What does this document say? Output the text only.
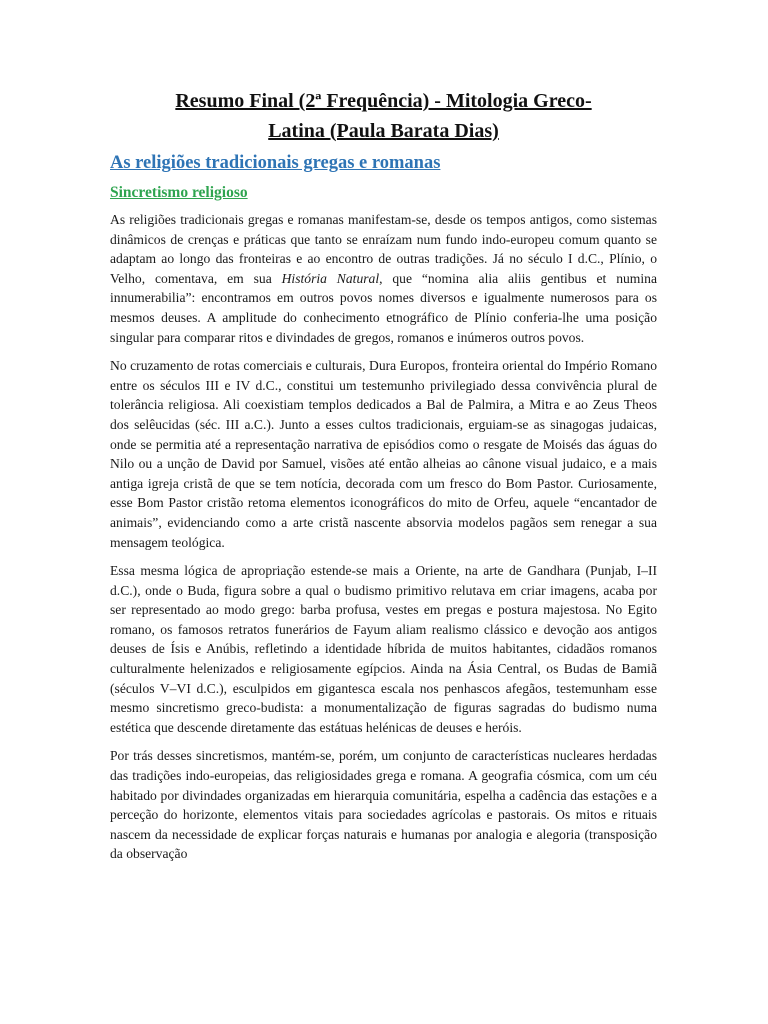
Resumo Final (2ª Frequência) - Mitologia Greco-
Latina (Paula Barata Dias)
As religiões tradicionais gregas e romanas
Sincretismo religioso

As religiões tradicionais gregas e romanas manifestam-se, desde os tempos antigos, como sistemas dinâmicos de crenças e práticas que tanto se enraízam num fundo indo-europeu comum quanto se adaptam ao longo das fronteiras e ao encontro de outras tradições. Já no século I d.C., Plínio, o Velho, comentava, em sua História Natural, que “nomina alia aliis gentibus et numina innumerabilia”: encontramos em outros povos nomes diversos e igualmente numerosos para os mesmos deuses. A amplitude do conhecimento etnográfico de Plínio conferia-lhe uma posição singular para comparar ritos e divindades de gregos, romanos e inúmeros outros povos.

No cruzamento de rotas comerciais e culturais, Dura Europos, fronteira oriental do Império Romano entre os séculos III e IV d.C., constitui um testemunho privilegiado dessa convivência plural de tolerância religiosa. Ali coexistiam templos dedicados a Bal de Palmira, a Mitra e ao Zeus Theos dos selêucidas (séc. III a.C.). Junto a esses cultos tradicionais, erguiam-se as sinagogas judaicas, onde se permitia até a representação narrativa de episódios como o resgate de Moisés das águas do Nilo ou a unção de David por Samuel, visões até então alheias ao cânone visual judaico, e a mais antiga igreja cristã de que se tem notícia, decorada com um fresco do Bom Pastor. Curiosamente, esse Bom Pastor cristão retoma elementos iconográficos do mito de Orfeu, aquele “encantador de animais”, evidenciando como a arte cristã nascente absorvia modelos pagãos sem renegar a sua mensagem teológica.

Essa mesma lógica de apropriação estende-se mais a Oriente, na arte de Gandhara (Punjab, I–II d.C.), onde o Buda, figura sobre a qual o budismo primitivo relutava em criar imagens, acaba por ser representado ao modo grego: barba profusa, vestes em pregas e postura majestosa. No Egito romano, os famosos retratos funerários de Fayum aliam realismo clássico e devoção aos antigos deuses de Ísis e Anúbis, refletindo a identidade híbrida de muitos habitantes, cidadãos romanos culturalmente helenizados e religiosamente egípcios. Ainda na Ásia Central, os Budas de Bamiã (séculos V–VI d.C.), esculpidos em gigantesca escala nos penhascos afegãos, testemunham esse mesmo sincretismo greco-budista: a monumentalização de figuras sagradas do budismo numa estética que descende diretamente das estátuas helénicas de deuses e heróis.

Por trás desses sincretismos, mantém-se, porém, um conjunto de características nucleares herdadas das tradições indo-europeias, das religiosidades grega e romana. A geografia cósmica, com um céu habitado por divindades organizadas em hierarquia comunitária, espelha a cadência das estações e a perceção do horizonte, elementos vitais para sociedades agrícolas e pastorais. Os mitos e rituais nascem da necessidade de explicar forças naturais e humanas por analogia e alegoria (transposição da observação
